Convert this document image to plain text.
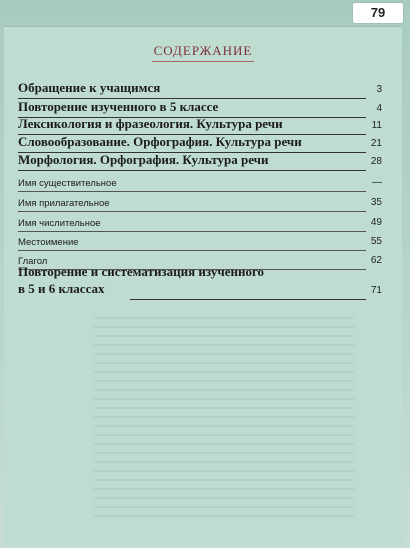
79
СОДЕРЖАНИЕ
Обращение к учащимся	3
Повторение изученного в 5 классе	4
Лексикология и фразеология. Культура речи	11
Словообразование. Орфография. Культура речи	21
Морфология. Орфография. Культура речи	28
Имя существительное	—
Имя прилагательное	35
Имя числительное	49
Местоимение	55
Глагол	62
Повторение и систематизация изученного
в 5 и 6 классах	71
